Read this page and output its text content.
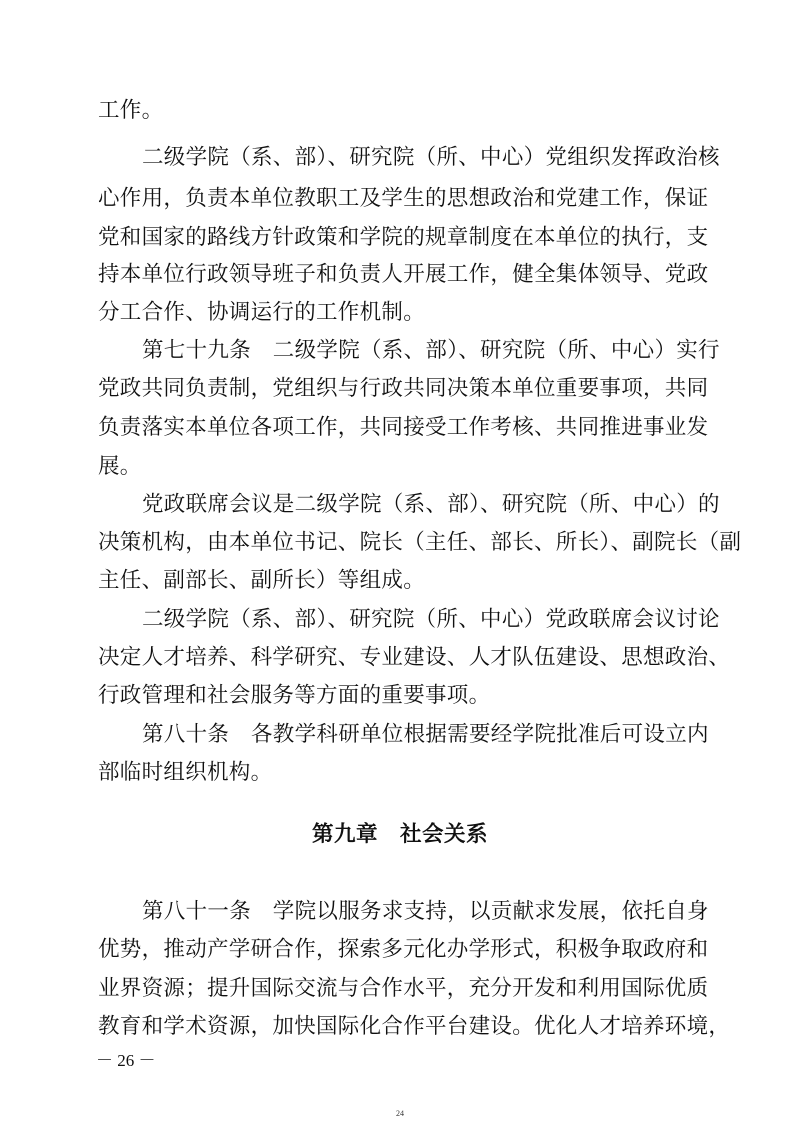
工作。
二级学院（系、部）、研究院（所、中心）党组织发挥政治核
心作用，负责本单位教职工及学生的思想政治和党建工作，保证
党和国家的路线方针政策和学院的规章制度在本单位的执行，支
持本单位行政领导班子和负责人开展工作，健全集体领导、党政
分工合作、协调运行的工作机制。
第七十九条　二级学院（系、部）、研究院（所、中心）实行
党政共同负责制，党组织与行政共同决策本单位重要事项，共同
负责落实本单位各项工作，共同接受工作考核、共同推进事业发
展。
党政联席会议是二级学院（系、部）、研究院（所、中心）的
决策机构，由本单位书记、院长（主任、部长、所长）、副院长（副
主任、副部长、副所长）等组成。
二级学院（系、部）、研究院（所、中心）党政联席会议讨论
决定人才培养、科学研究、专业建设、人才队伍建设、思想政治、
行政管理和社会服务等方面的重要事项。
第八十条　各教学科研单位根据需要经学院批准后可设立内
部临时组织机构。
第九章　社会关系
第八十一条　学院以服务求支持，以贡献求发展，依托自身
优势，推动产学研合作，探索多元化办学形式，积极争取政府和
业界资源；提升国际交流与合作水平，充分开发和利用国际优质
教育和学术资源，加快国际化合作平台建设。优化人才培养环境，
－ 26 －
24
